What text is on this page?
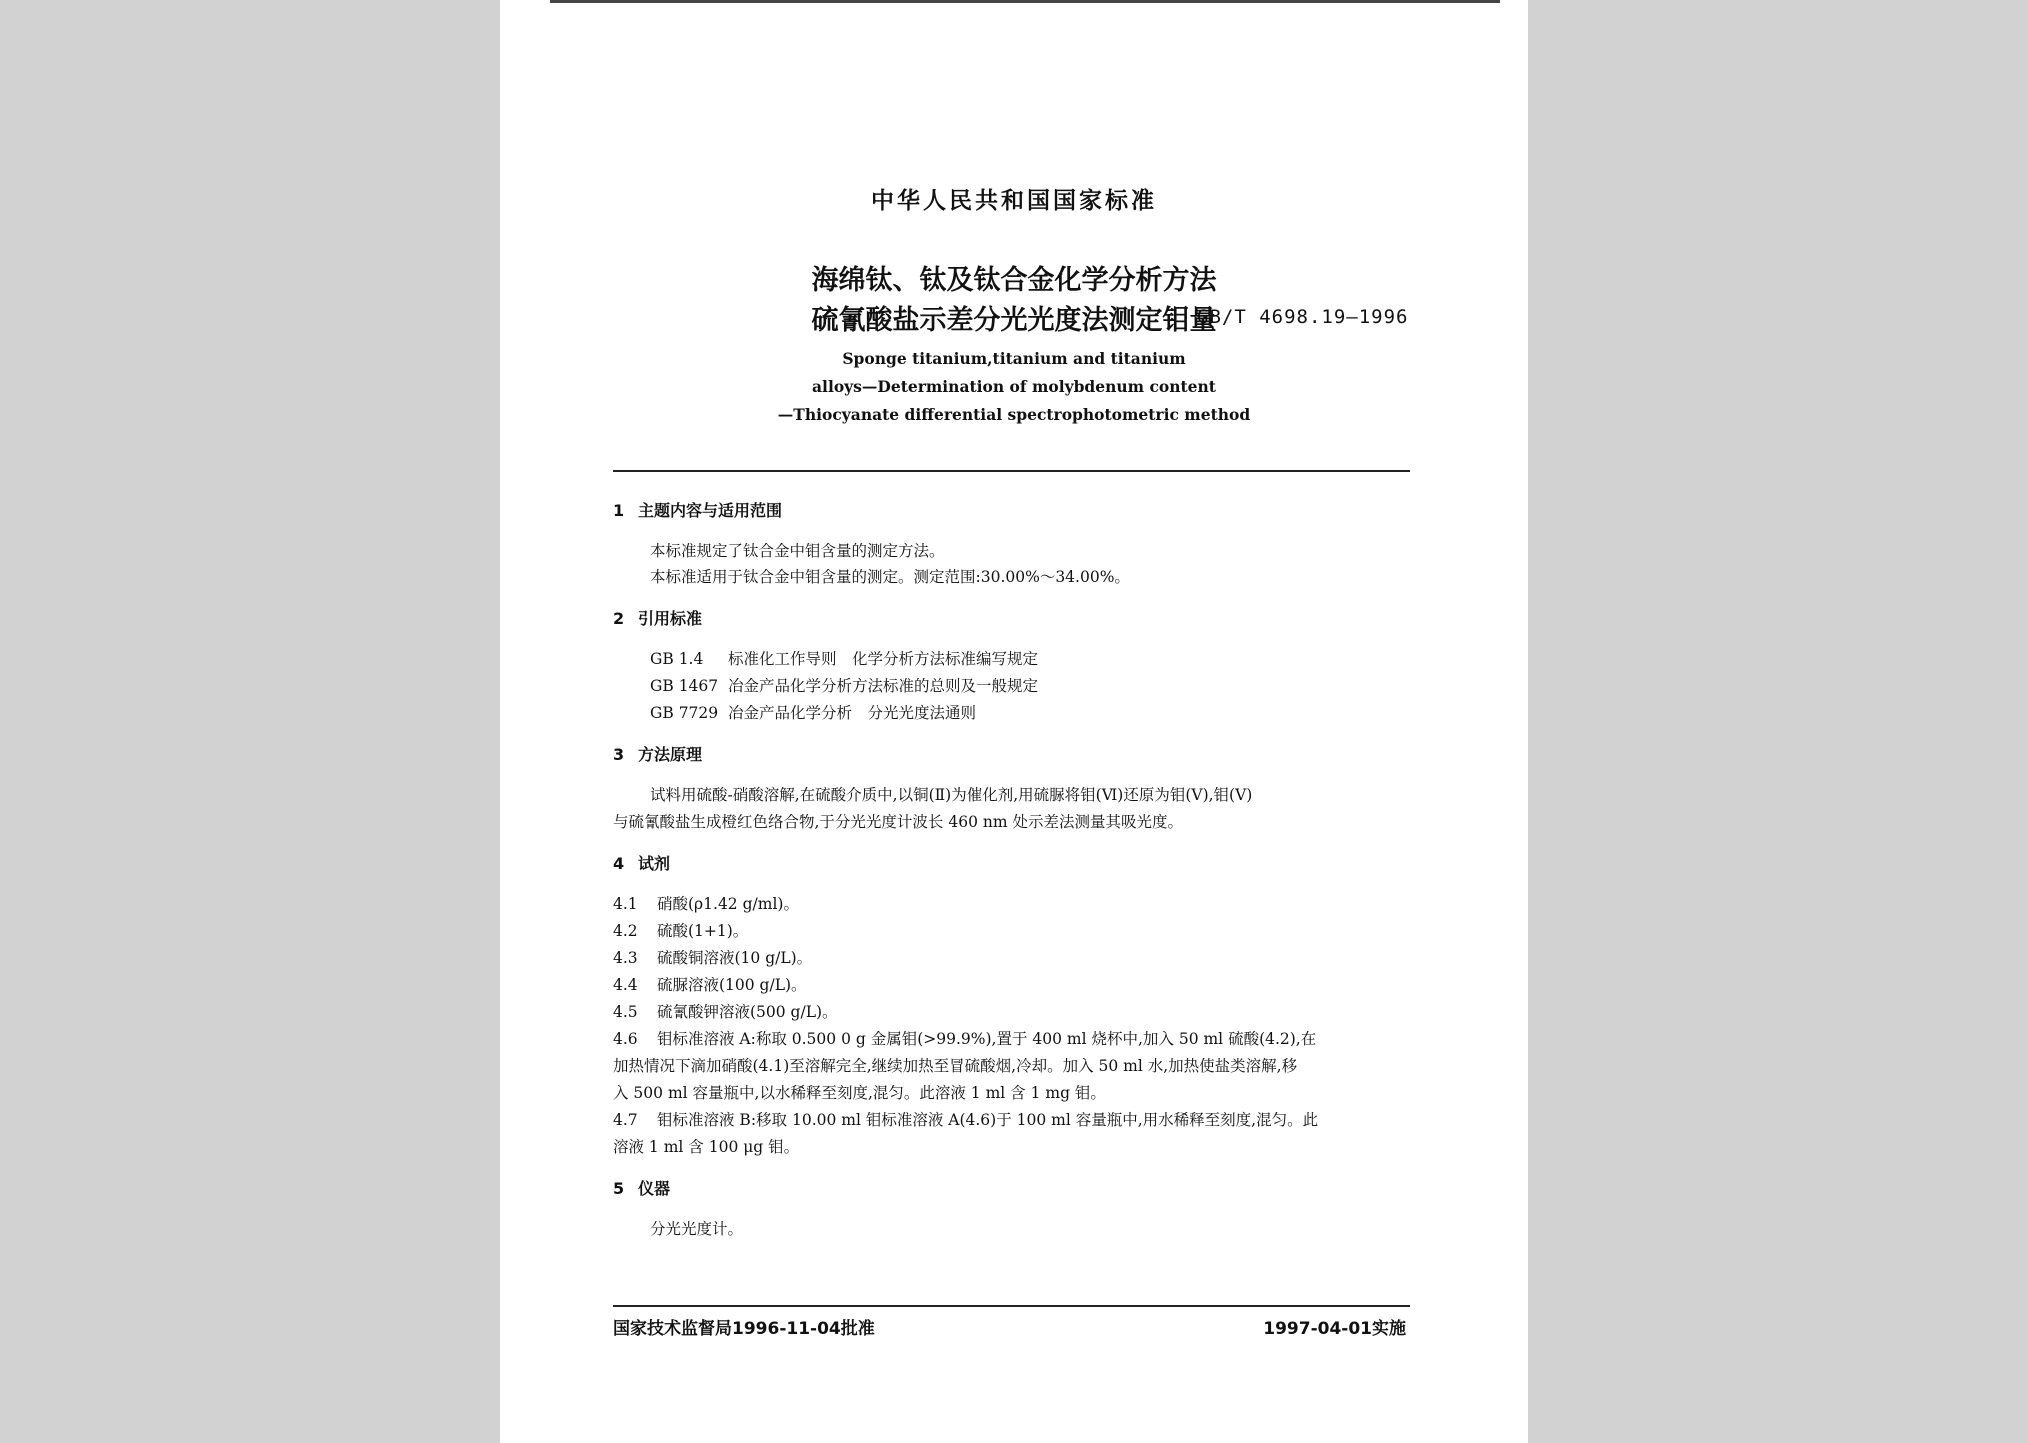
中华人民共和国国家标准
海绵钛、钛及钛合金化学分析方法
硫氰酸盐示差分光光度法测定钼量
GB/T 4698.19—1996
Sponge titanium,titanium and titanium
alloys—Determination of molybdenum content
—Thiocyanate differential spectrophotometric method
1 主题内容与适用范围
本标准规定了钛合金中钼含量的测定方法。
本标准适用于钛合金中钼含量的测定。测定范围:30.00%～34.00%。
2 引用标准
GB 1.4 标准化工作导则　化学分析方法标准编写规定
GB 1467 冶金产品化学分析方法标准的总则及一般规定
GB 7729 冶金产品化学分析　分光光度法通则
3 方法原理
试料用硫酸-硝酸溶解,在硫酸介质中,以铜(Ⅱ)为催化剂,用硫脲将钼(Ⅵ)还原为钼(Ⅴ),钼(Ⅴ)
与硫氰酸盐生成橙红色络合物,于分光光度计波长 460 nm 处示差法测量其吸光度。
4 试剂
4.1 硝酸(ρ1.42 g/ml)。
4.2 硫酸(1+1)。
4.3 硫酸铜溶液(10 g/L)。
4.4 硫脲溶液(100 g/L)。
4.5 硫氰酸钾溶液(500 g/L)。
4.6 钼标准溶液 A:称取 0.500 0 g 金属钼(>99.9%),置于 400 ml 烧杯中,加入 50 ml 硫酸(4.2),在
加热情况下滴加硝酸(4.1)至溶解完全,继续加热至冒硫酸烟,冷却。加入 50 ml 水,加热使盐类溶解,移
入 500 ml 容量瓶中,以水稀释至刻度,混匀。此溶液 1 ml 含 1 mg 钼。
4.7 钼标准溶液 B:移取 10.00 ml 钼标准溶液 A(4.6)于 100 ml 容量瓶中,用水稀释至刻度,混匀。此
溶液 1 ml 含 100 μg 钼。
5 仪器
分光光度计。
国家技术监督局1996-11-04批准	1997-04-01实施
